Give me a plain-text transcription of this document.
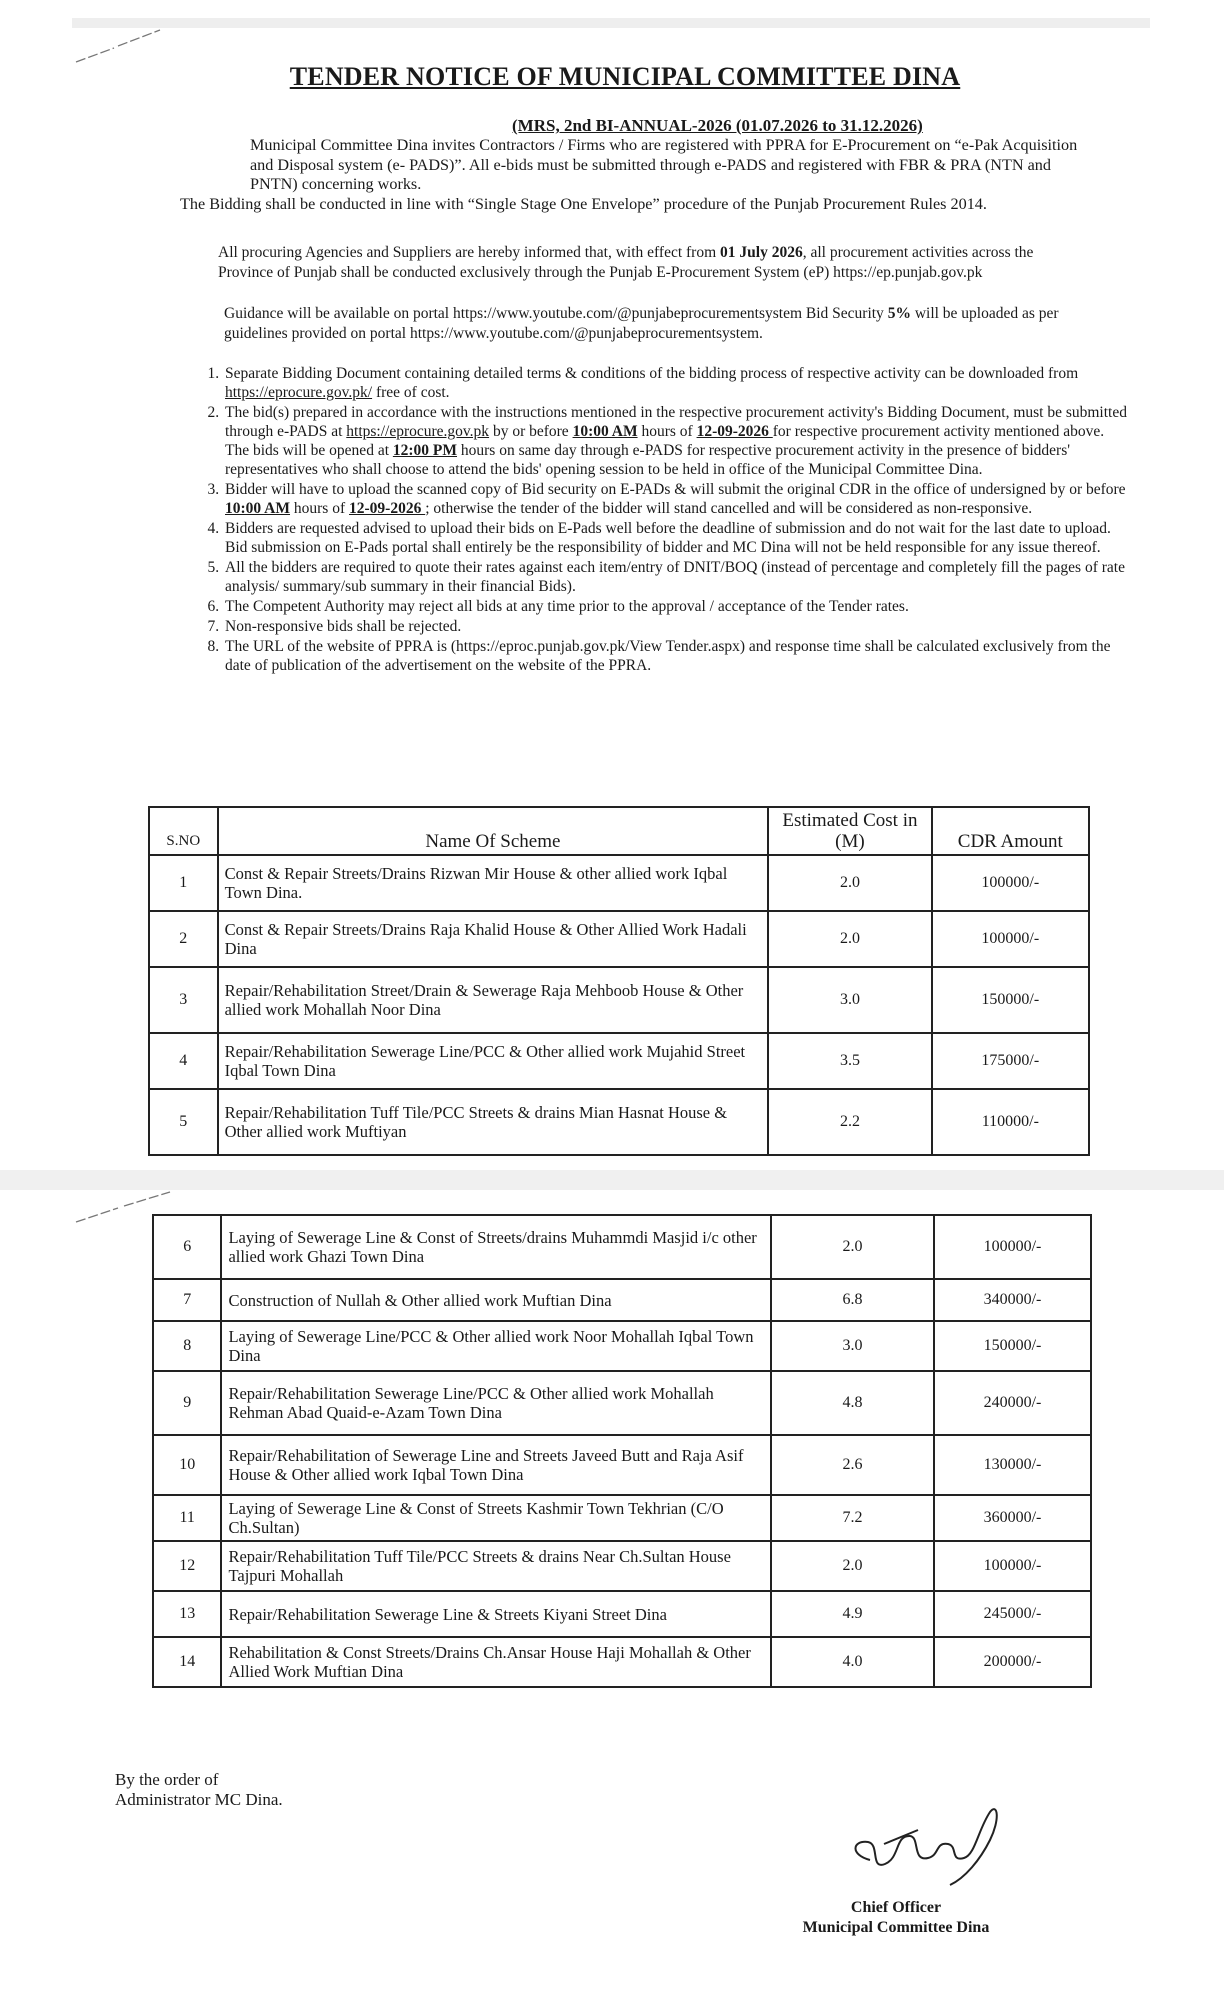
TENDER NOTICE OF MUNICIPAL COMMITTEE DINA
(MRS, 2nd BI-ANNUAL-2026 (01.07.2026 to 31.12.2026)
Municipal Committee Dina invites Contractors / Firms who are registered with PPRA for E-Procurement on “e-Pak Acquisition and Disposal system (e- PADS)”. All e-bids must be submitted through e-PADS and registered with FBR & PRA (NTN and PNTN) concerning works.
The Bidding shall be conducted in line with “Single Stage One Envelope” procedure of the Punjab Procurement Rules 2014.
All procuring Agencies and Suppliers are hereby informed that, with effect from 01 July 2026, all procurement activities across the Province of Punjab shall be conducted exclusively through the Punjab E-Procurement System (eP) https://ep.punjab.gov.pk
Guidance will be available on portal https://www.youtube.com/@punjabeprocurementsystem Bid Security 5% will be uploaded as per guidelines provided on portal https://www.youtube.com/@punjabeprocurementsystem.
1. Separate Bidding Document containing detailed terms & conditions of the bidding process of respective activity can be downloaded from https://eprocure.gov.pk/ free of cost.
2. The bid(s) prepared in accordance with the instructions mentioned in the respective procurement activity's Bidding Document, must be submitted through e-PADS at https://eprocure.gov.pk by or before 10:00 AM hours of 12-09-2026 for respective procurement activity mentioned above. The bids will be opened at 12:00 PM hours on same day through e-PADS for respective procurement activity in the presence of bidders' representatives who shall choose to attend the bids' opening session to be held in office of the Municipal Committee Dina.
3. Bidder will have to upload the scanned copy of Bid security on E-PADs & will submit the original CDR in the office of undersigned by or before 10:00 AM hours of 12-09-2026 ; otherwise the tender of the bidder will stand cancelled and will be considered as non-responsive.
4. Bidders are requested advised to upload their bids on E-Pads well before the deadline of submission and do not wait for the last date to upload. Bid submission on E-Pads portal shall entirely be the responsibility of bidder and MC Dina will not be held responsible for any issue thereof.
5. All the bidders are required to quote their rates against each item/entry of DNIT/BOQ (instead of percentage and completely fill the pages of rate analysis/ summary/sub summary in their financial Bids).
6. The Competent Authority may reject all bids at any time prior to the approval / acceptance of the Tender rates.
7. Non-responsive bids shall be rejected.
8. The URL of the website of PPRA is (https://eproc.punjab.gov.pk/View Tender.aspx) and response time shall be calculated exclusively from the date of publication of the advertisement on the website of the PPRA.
S.NO	Name Of Scheme	Estimated Cost in (M)	CDR Amount
1	Const & Repair Streets/Drains Rizwan Mir House & other allied work Iqbal Town Dina.	2.0	100000/-
2	Const & Repair Streets/Drains Raja Khalid House & Other Allied Work Hadali Dina	2.0	100000/-
3	Repair/Rehabilitation Street/Drain & Sewerage Raja Mehboob House & Other allied work Mohallah Noor Dina	3.0	150000/-
4	Repair/Rehabilitation Sewerage Line/PCC & Other allied work Mujahid Street Iqbal Town Dina	3.5	175000/-
5	Repair/Rehabilitation Tuff Tile/PCC Streets & drains Mian Hasnat House & Other allied work Muftiyan	2.2	110000/-
6	Laying of Sewerage Line & Const of Streets/drains Muhammdi Masjid i/c other allied work Ghazi Town Dina	2.0	100000/-
7	Construction of Nullah & Other allied work Muftian Dina	6.8	340000/-
8	Laying of Sewerage Line/PCC & Other allied work Noor Mohallah Iqbal Town Dina	3.0	150000/-
9	Repair/Rehabilitation Sewerage Line/PCC & Other allied work Mohallah Rehman Abad Quaid-e-Azam Town Dina	4.8	240000/-
10	Repair/Rehabilitation of Sewerage Line and Streets Javeed Butt and Raja Asif House & Other allied work Iqbal Town Dina	2.6	130000/-
11	Laying of Sewerage Line & Const of Streets Kashmir Town Tekhrian (C/O Ch.Sultan)	7.2	360000/-
12	Repair/Rehabilitation Tuff Tile/PCC Streets & drains Near Ch.Sultan House Tajpuri Mohallah	2.0	100000/-
13	Repair/Rehabilitation Sewerage Line & Streets Kiyani Street Dina	4.9	245000/-
14	Rehabilitation & Const Streets/Drains Ch.Ansar House Haji Mohallah & Other Allied Work Muftian Dina	4.0	200000/-
By the order of
Administrator MC Dina.
Chief Officer
Municipal Committee Dina
